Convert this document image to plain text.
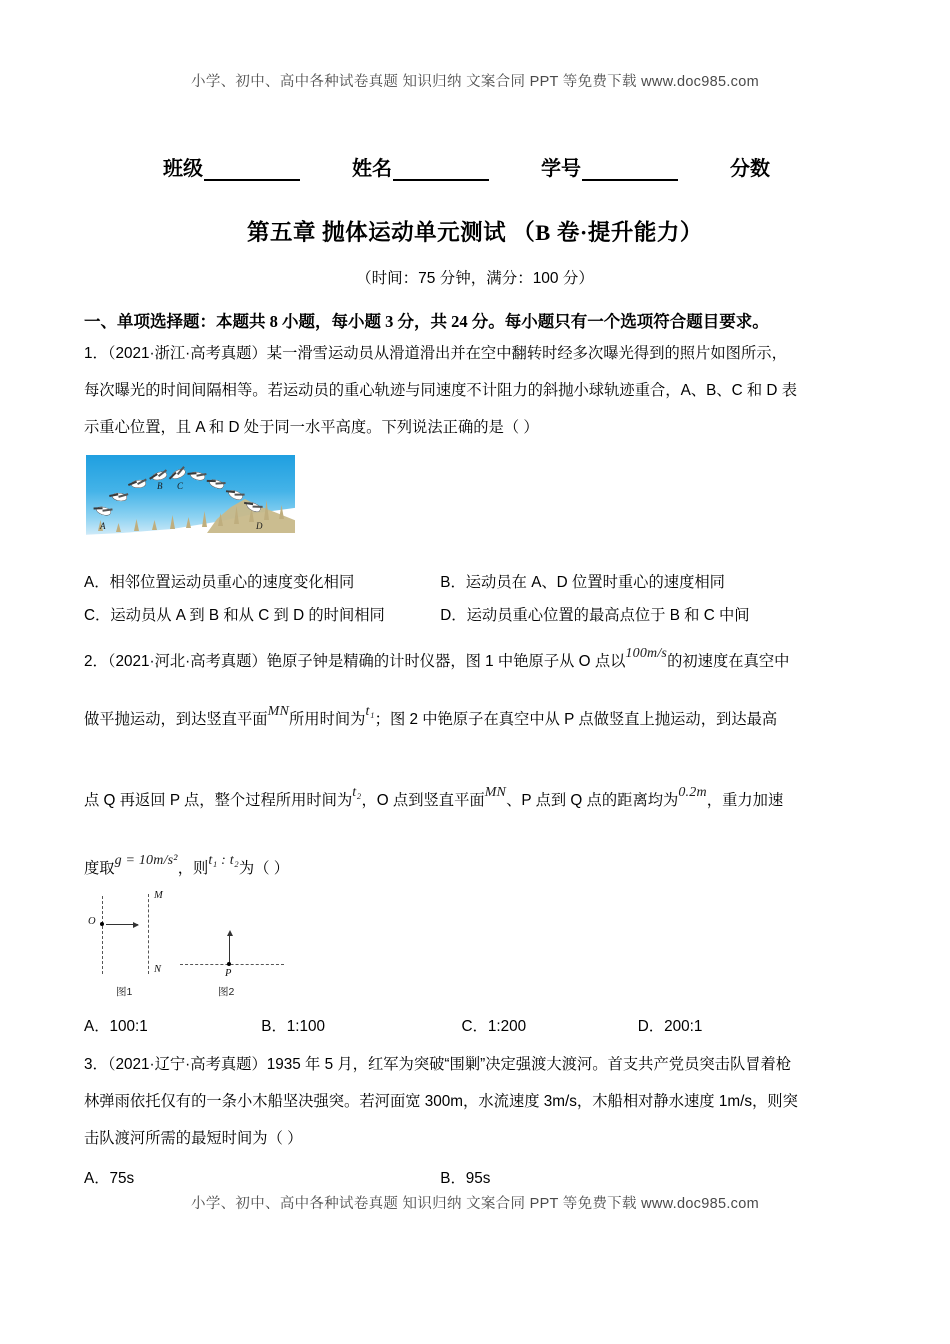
小学、初中、高中各种试卷真题 知识归纳 文案合同 PPT 等免费下载 www.doc985.com
班级	姓名	学号	分数
第五章 抛体运动单元测试 （B 卷·提升能力）
（时间：75 分钟，满分：100 分）
一、单项选择题：本题共 8 小题，每小题 3 分，共 24 分。每小题只有一个选项符合题目要求。
1．（2021·浙江·高考真题）某一滑雪运动员从滑道滑出并在空中翻转时经多次曝光得到的照片如图所示，
每次曝光的时间间隔相等。若运动员的重心轨迹与同速度不计阻力的斜抛小球轨迹重合，A、B、C 和 D 表
示重心位置，且 A 和 D 处于同一水平高度。下列说法正确的是（ ）
A
B C
D
A．相邻位置运动员重心的速度变化相同	B．运动员在 A、D 位置时重心的速度相同
C．运动员从 A 到 B 和从 C 到 D 的时间相同	D．运动员重心位置的最高点位于 B 和 C 中间
2．（2021·河北·高考真题）铯原子钟是精确的计时仪器，图 1 中铯原子从 O 点以100m/s的初速度在真空中
做平抛运动，到达竖直平面MN所用时间为t₁；图 2 中铯原子在真空中从 P 点做竖直上抛运动，到达最高
点 Q 再返回 P 点，整个过程所用时间为t₂，O 点到竖直平面MN、P 点到 Q 点的距离均为0.2m，重力加速
度取g = 10m/s²，则t₁ : t₂为（ ）
O
M
N
图1
P
图2
A．100:1	B．1:100	C．1:200	D．200:1
3．（2021·辽宁·高考真题）1935 年 5 月，红军为突破“围剿”决定强渡大渡河。首支共产党员突击队冒着枪
林弹雨依托仅有的一条小木船坚决强突。若河面宽 300m，水流速度 3m/s，木船相对静水速度 1m/s，则突
击队渡河所需的最短时间为（ ）
A．75s	B．95s
小学、初中、高中各种试卷真题 知识归纳 文案合同 PPT 等免费下载 www.doc985.com
